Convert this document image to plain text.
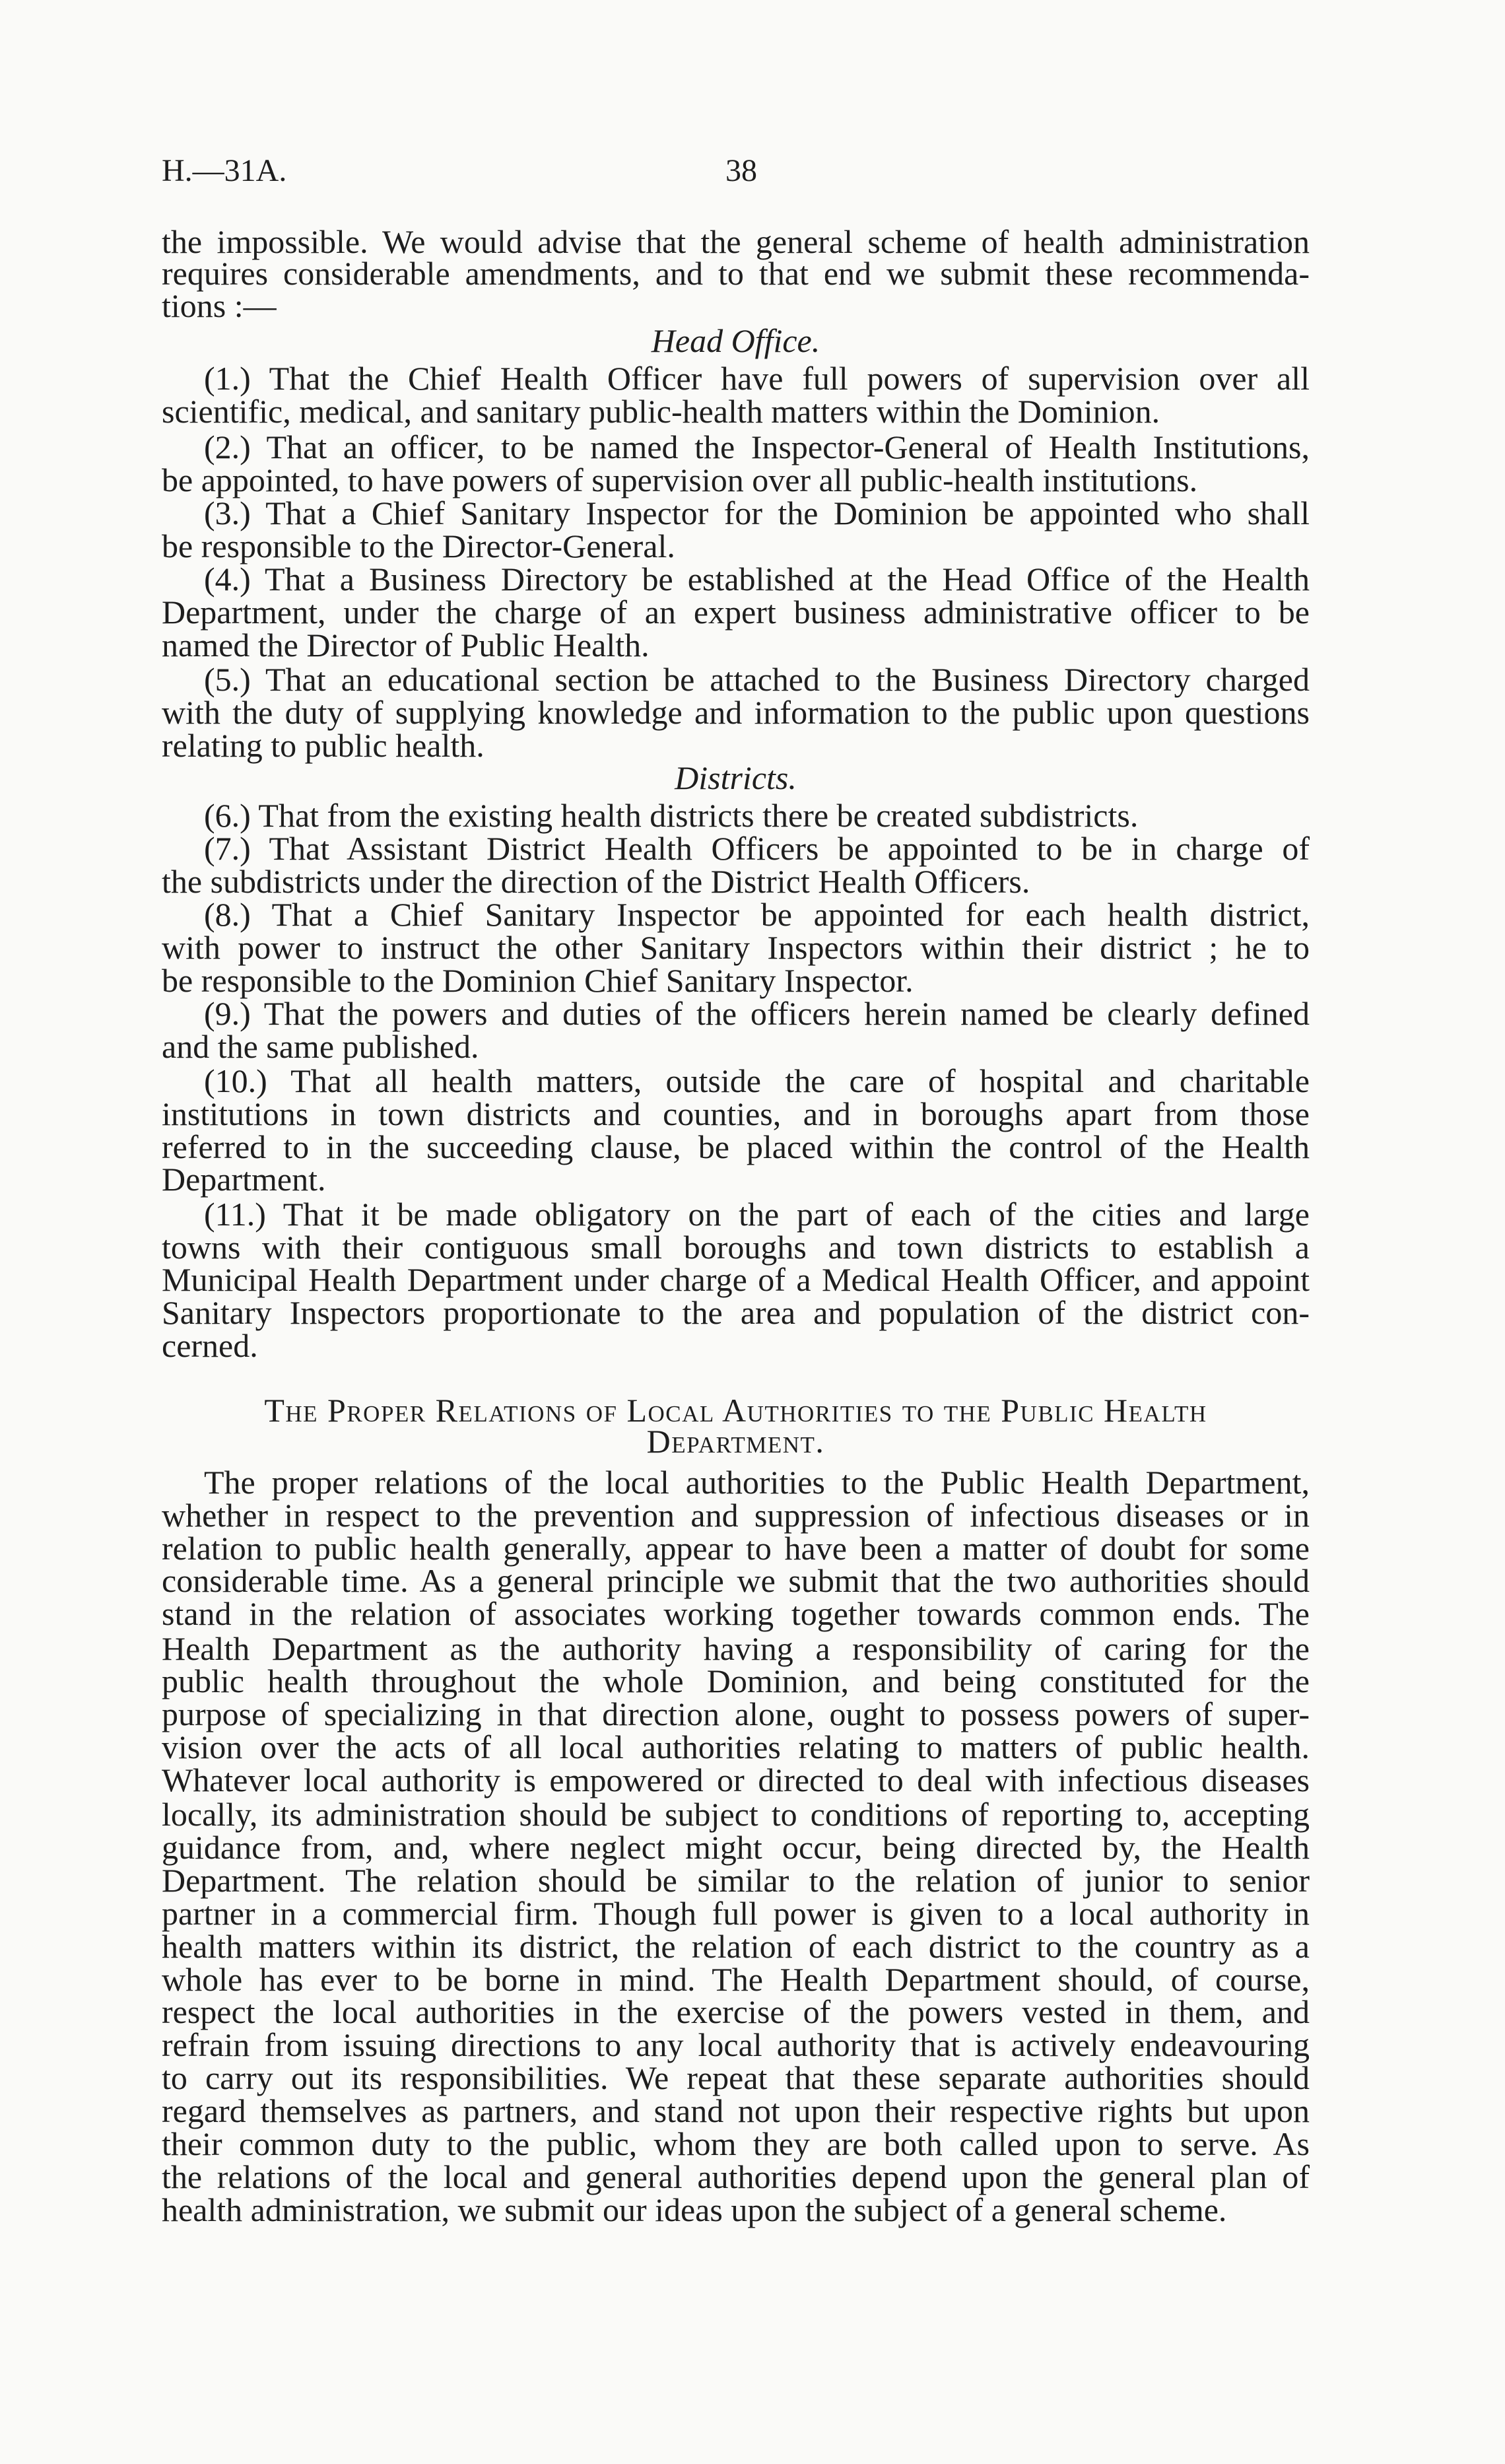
H.—31A.	38
the impossible. We would advise that the general scheme of health administration
requires considerable amendments, and to that end we submit these recommenda-
tions :—
Head Office.
(1.) That the Chief Health Officer have full powers of supervision over all
scientific, medical, and sanitary public-health matters within the Dominion.
(2.) That an officer, to be named the Inspector-General of Health Institutions,
be appointed, to have powers of supervision over all public-health institutions.
(3.) That a Chief Sanitary Inspector for the Dominion be appointed who shall
be responsible to the Director-General.
(4.) That a Business Directory be established at the Head Office of the Health
Department, under the charge of an expert business administrative officer to be
named the Director of Public Health.
(5.) That an educational section be attached to the Business Directory charged
with the duty of supplying knowledge and information to the public upon questions
relating to public health.
Districts.
(6.) That from the existing health districts there be created subdistricts.
(7.) That Assistant District Health Officers be appointed to be in charge of
the subdistricts under the direction of the District Health Officers.
(8.) That a Chief Sanitary Inspector be appointed for each health district,
with power to instruct the other Sanitary Inspectors within their district ; he to
be responsible to the Dominion Chief Sanitary Inspector.
(9.) That the powers and duties of the officers herein named be clearly defined
and the same published.
(10.) That all health matters, outside the care of hospital and charitable
institutions in town districts and counties, and in boroughs apart from those
referred to in the succeeding clause, be placed within the control of the Health
Department.
(11.) That it be made obligatory on the part of each of the cities and large
towns with their contiguous small boroughs and town districts to establish a
Municipal Health Department under charge of a Medical Health Officer, and appoint
Sanitary Inspectors proportionate to the area and population of the district con-
cerned.
The Proper Relations of Local Authorities to the Public Health
Department.
The proper relations of the local authorities to the Public Health Department,
whether in respect to the prevention and suppression of infectious diseases or in
relation to public health generally, appear to have been a matter of doubt for some
considerable time. As a general principle we submit that the two authorities should
stand in the relation of associates working together towards common ends. The
Health Department as the authority having a responsibility of caring for the
public health throughout the whole Dominion, and being constituted for the
purpose of specializing in that direction alone, ought to possess powers of super-
vision over the acts of all local authorities relating to matters of public health.
Whatever local authority is empowered or directed to deal with infectious diseases
locally, its administration should be subject to conditions of reporting to, accepting
guidance from, and, where neglect might occur, being directed by, the Health
Department. The relation should be similar to the relation of junior to senior
partner in a commercial firm. Though full power is given to a local authority in
health matters within its district, the relation of each district to the country as a
whole has ever to be borne in mind. The Health Department should, of course,
respect the local authorities in the exercise of the powers vested in them, and
refrain from issuing directions to any local authority that is actively endeavouring
to carry out its responsibilities. We repeat that these separate authorities should
regard themselves as partners, and stand not upon their respective rights but upon
their common duty to the public, whom they are both called upon to serve. As
the relations of the local and general authorities depend upon the general plan of
health administration, we submit our ideas upon the subject of a general scheme.
